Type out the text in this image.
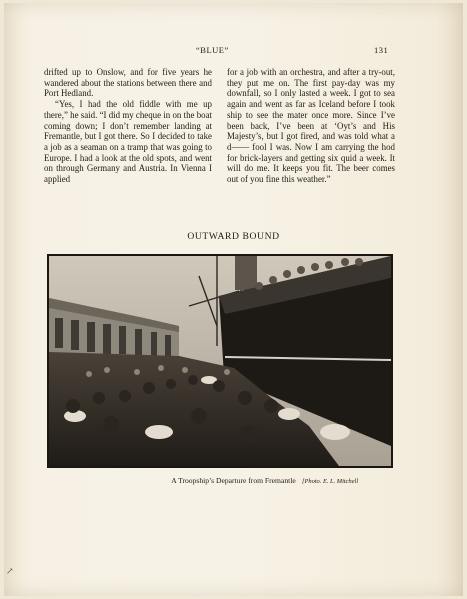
“BLUE”	131

drifted up to Onslow, and for five years he wandered about the stations between there and Port Hedland.

“Yes, I had the old fiddle with me up there,” he said. “I did my cheque in on the boat coming down; I don’t remember landing at Fremantle, but I got there. So I decided to take a job as a seaman on a tramp that was going to Europe. I had a look at the old spots, and went on through Germany and Austria. In Vienna I applied

for a job with an orchestra, and after a try-out, they put me on. The first pay-day was my downfall, so I only lasted a week. I got to sea again and went as far as Iceland before I took ship to see the mater once more. Since I’ve been back, I’ve been at ‘Oyt’s and His Majesty’s, but I got fired, and was told what a d—— fool I was. Now I am carrying the hod for brick-layers and getting six quid a week. It will do me. It keeps you fit. The beer comes out of you fine this weather.”

OUTWARD BOUND
A Troopship’s Departure from Fremantle [Photo. E. L. Mitchell
↗
